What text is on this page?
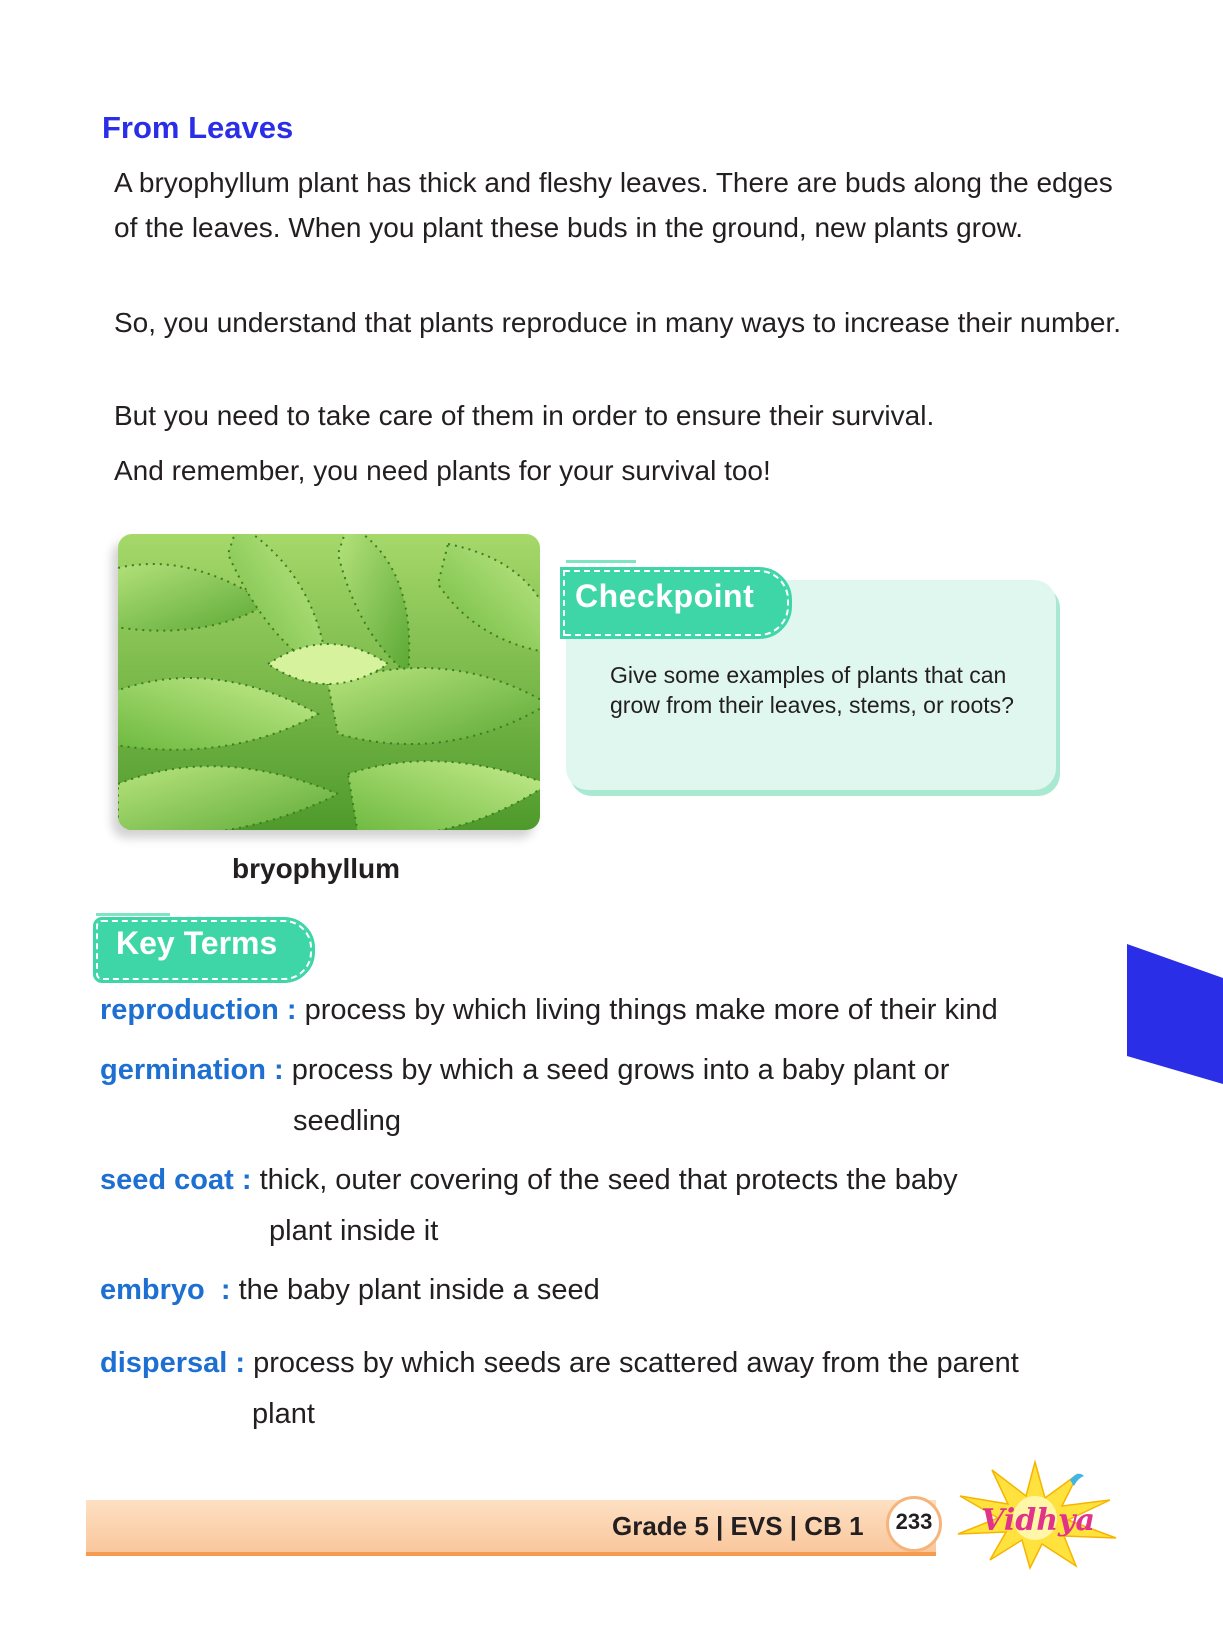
From Leaves

A bryophyllum plant has thick and fleshy leaves. There are buds along the edges of the leaves. When you plant these buds in the ground, new plants grow.

So, you understand that plants reproduce in many ways to increase their number.

But you need to take care of them in order to ensure their survival.

And remember, you need plants for your survival too!

bryophyllum

Checkpoint

Give some examples of plants that can grow from their leaves, stems, or roots?

Key Terms

reproduction : process by which living things make more of their kind

germination : process by which a seed grows into a baby plant or

seedling

seed coat : thick, outer covering of the seed that protects the baby

plant inside it

embryo  : the baby plant inside a seed

dispersal : process by which seeds are scattered away from the parent

plant

Grade 5 | EVS | CB 1	233	Vidhya
